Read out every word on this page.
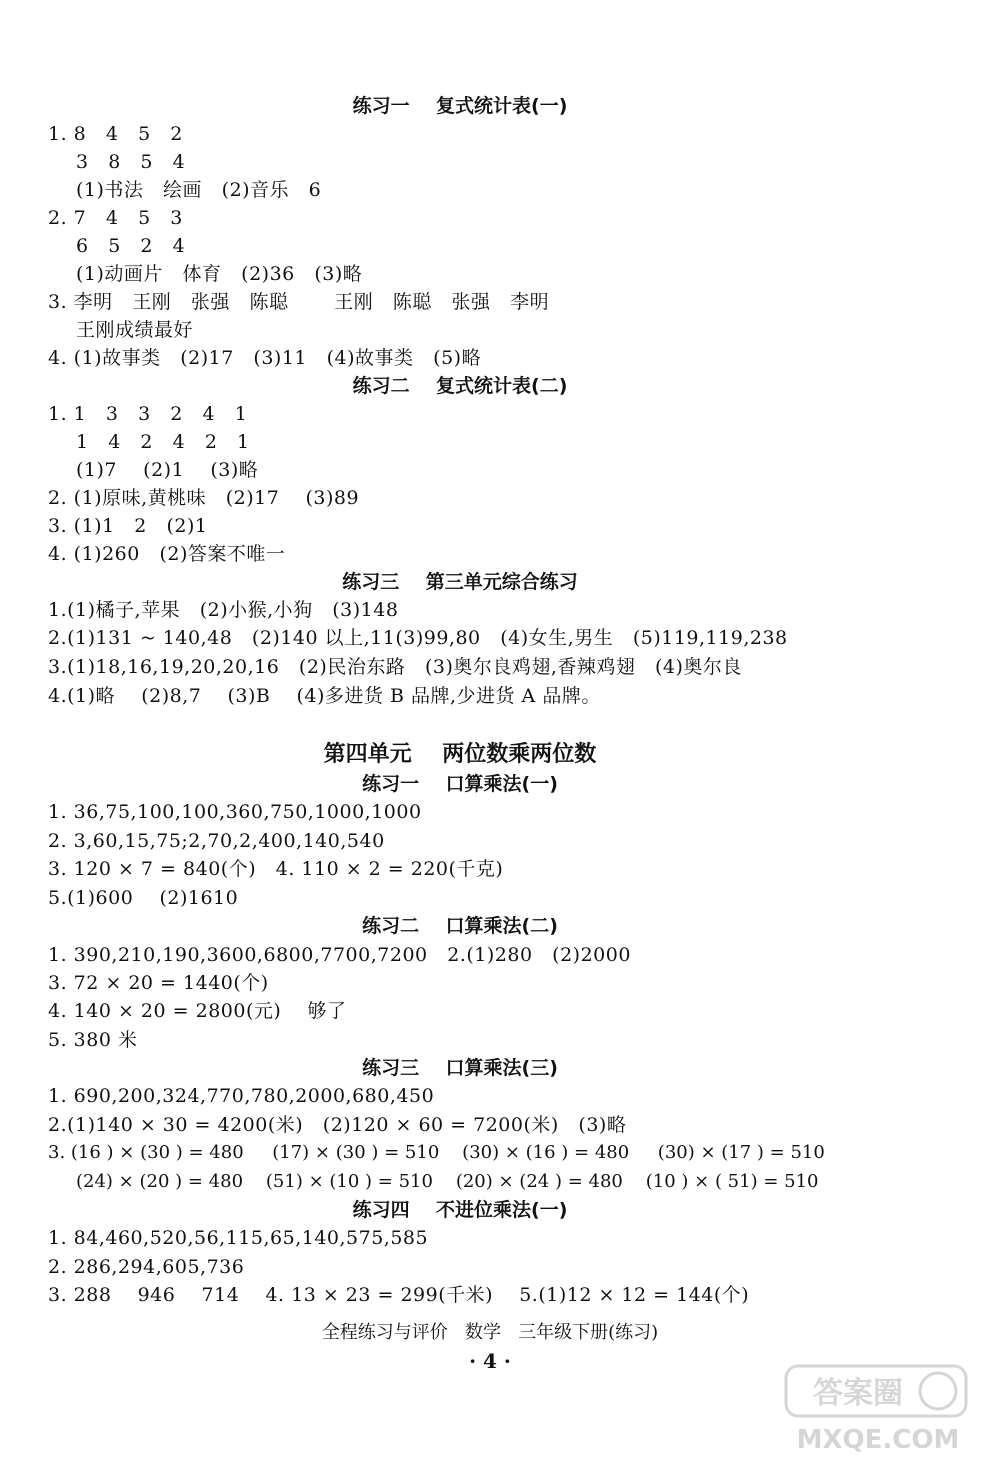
练习一    复式统计表(一)
1. 8   4   5   2
3   8   5   4
(1)书法   绘画   (2)音乐   6
2. 7   4   5   3
6   5   2   4
(1)动画片   体育   (2)36   (3)略
3. 李明   王刚   张强   陈聪       王刚   陈聪   张强   李明
王刚成绩最好
4. (1)故事类   (2)17   (3)11   (4)故事类   (5)略
练习二    复式统计表(二)
1. 1   3   3   2   4   1
1   4   2   4   2   1
(1)7    (2)1    (3)略
2. (1)原味,黄桃味   (2)17    (3)89
3. (1)1   2   (2)1
4. (1)260   (2)答案不唯一
练习三    第三单元综合练习
1.(1)橘子,苹果   (2)小猴,小狗   (3)148
2.(1)131 ~ 140,48   (2)140 以上,11(3)99,80   (4)女生,男生   (5)119,119,238
3.(1)18,16,19,20,20,16   (2)民治东路   (3)奥尔良鸡翅,香辣鸡翅   (4)奥尔良
4.(1)略    (2)8,7    (3)B    (4)多进货 B 品牌,少进货 A 品牌。
第四单元    两位数乘两位数
练习一    口算乘法(一)
1. 36,75,100,100,360,750,1000,1000
2. 3,60,15,75;2,70,2,400,140,540
3. 120 × 7 = 840(个)   4. 110 × 2 = 220(千克)
5.(1)600    (2)1610
练习二    口算乘法(二)
1. 390,210,190,3600,6800,7700,7200   2.(1)280   (2)2000
3. 72 × 20 = 1440(个)
4. 140 × 20 = 2800(元)    够了
5. 380 米
练习三    口算乘法(三)
1. 690,200,324,770,780,2000,680,450
2.(1)140 × 30 = 4200(米)   (2)120 × 60 = 7200(米)   (3)略
3. (16 ) × (30 ) = 480     (17) × (30 ) = 510    (30) × (16 ) = 480     (30) × (17 ) = 510
(24) × (20 ) = 480    (51) × (10 ) = 510    (20) × (24 ) = 480    (10 ) × ( 51) = 510
练习四    不进位乘法(一)
1. 84,460,520,56,115,65,140,575,585
2. 286,294,605,736
3. 288    946    714    4. 13 × 23 = 299(千米)    5.(1)12 × 12 = 144(个)
全程练习与评价   数学   三年级下册(练习)
· 4 ·
答案圈
MXQE.COM
